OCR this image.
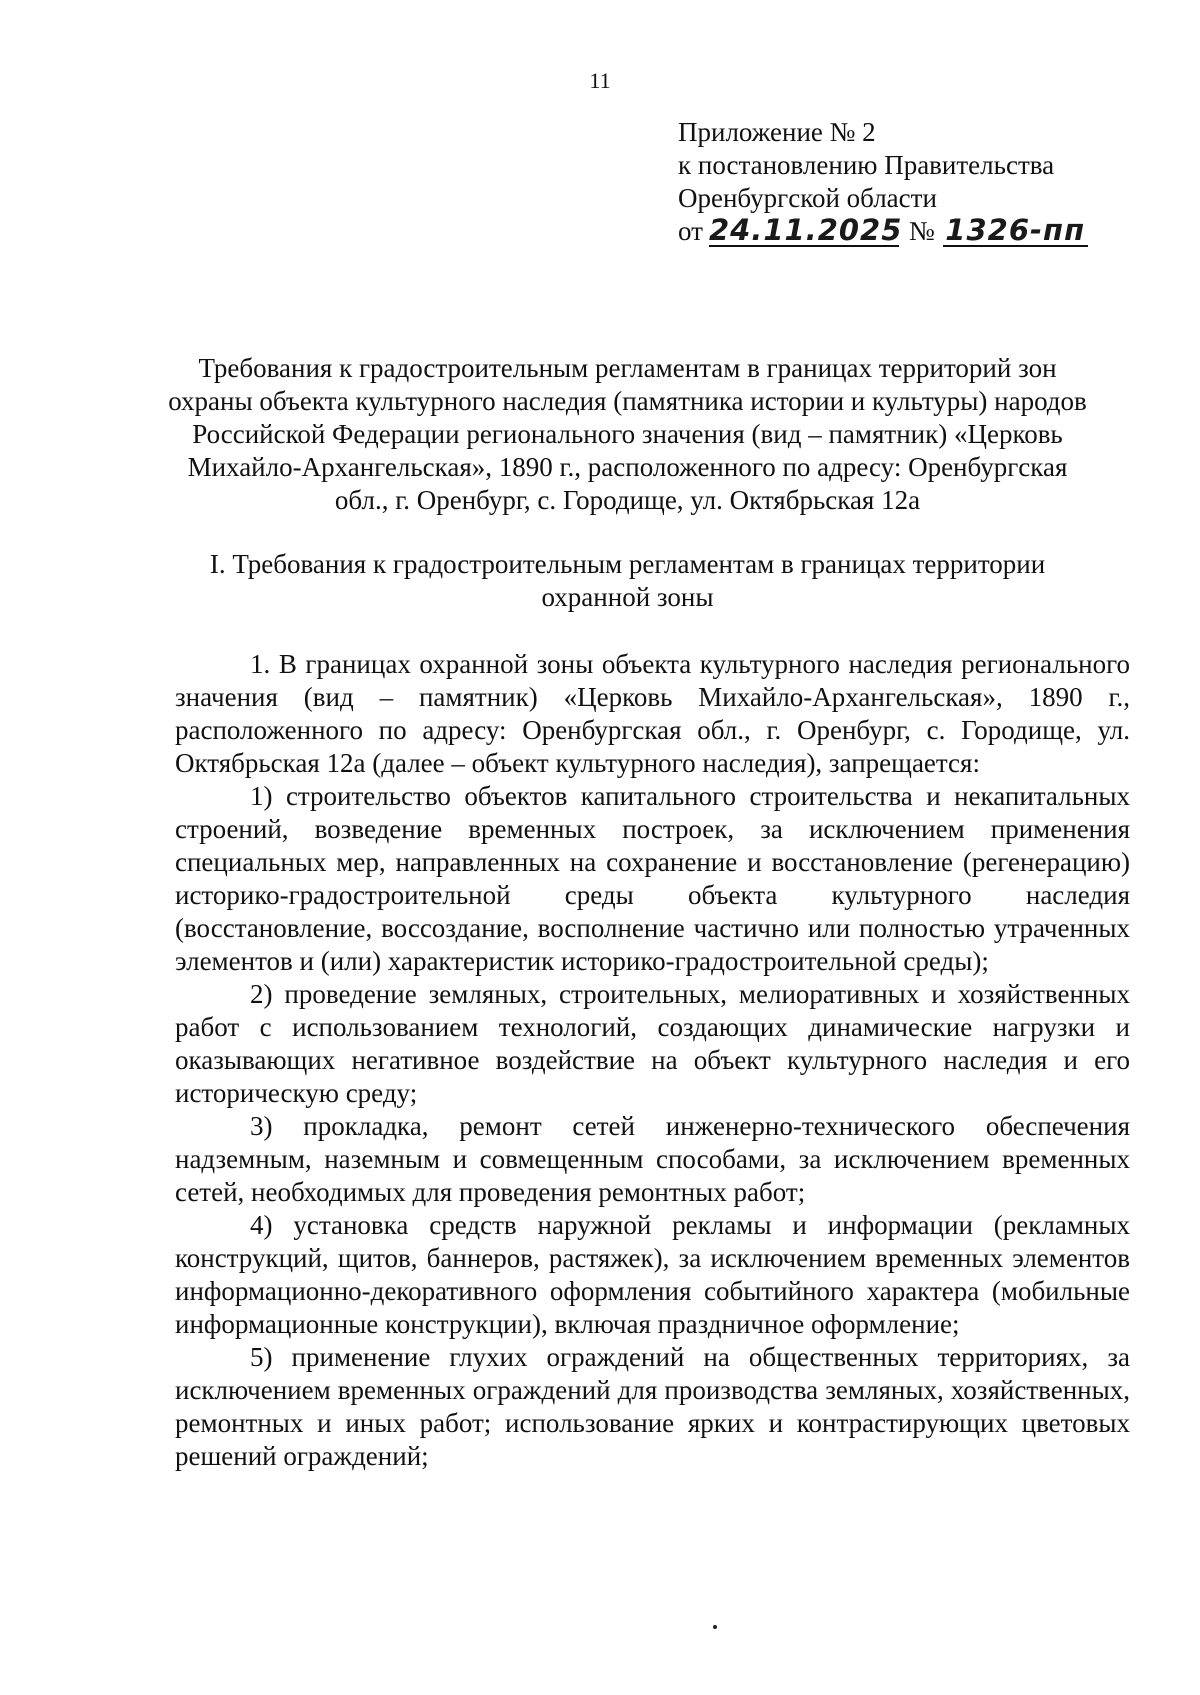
11
Приложение № 2
к постановлению Правительства
Оренбургской области
от 24.11.2025 № 1326-пп
Требования к градостроительным регламентам в границах территорий зон охраны объекта культурного наследия (памятника истории и культуры) народов Российской Федерации регионального значения (вид – памятник) «Церковь Михайло-Архангельская», 1890 г., расположенного по адресу: Оренбургская обл., г. Оренбург, с. Городище, ул. Октябрьская 12а
I. Требования к градостроительным регламентам в границах территории охранной зоны

1. В границах охранной зоны объекта культурного наследия регионального значения (вид – памятник) «Церковь Михайло-Архангельская», 1890 г., расположенного по адресу: Оренбургская обл., г. Оренбург, с. Городище, ул. Октябрьская 12а (далее – объект культурного наследия), запрещается:

1) строительство объектов капитального строительства и некапитальных строений, возведение временных построек, за исключением применения специальных мер, направленных на сохранение и восстановление (регенерацию) историко-градостроительной среды объекта культурного наследия (восстановление, воссоздание, восполнение частично или полностью утраченных элементов и (или) характеристик историко-градостроительной среды);

2) проведение земляных, строительных, мелиоративных и хозяйственных работ с использованием технологий, создающих динамические нагрузки и оказывающих негативное воздействие на объект культурного наследия и его историческую среду;

3) прокладка, ремонт сетей инженерно-технического обеспечения надземным, наземным и совмещенным способами, за исключением временных сетей, необходимых для проведения ремонтных работ;

4) установка средств наружной рекламы и информации (рекламных конструкций, щитов, баннеров, растяжек), за исключением временных элементов информационно-декоративного оформления событийного характера (мобильные информационные конструкции), включая праздничное оформление;

5) применение глухих ограждений на общественных территориях, за исключением временных ограждений для производства земляных, хозяйственных, ремонтных и иных работ; использование ярких и контрастирующих цветовых решений ограждений;
